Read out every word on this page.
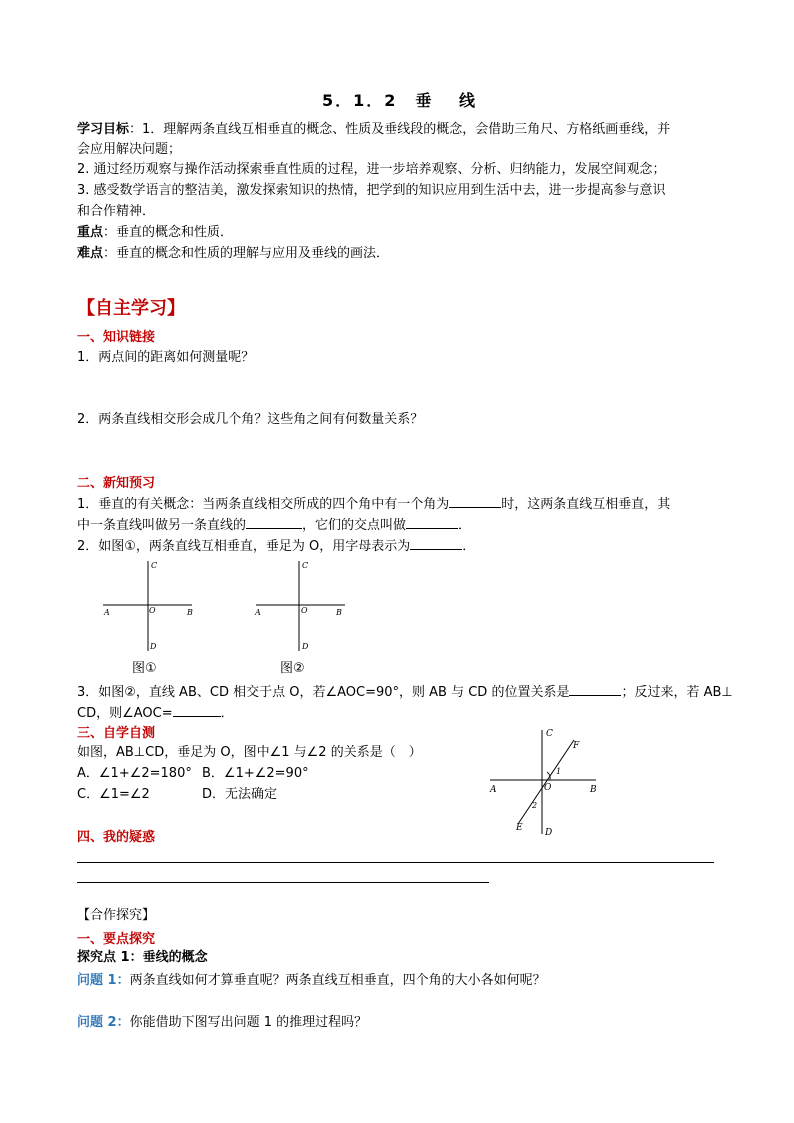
5．1．2　垂　 线
学习目标：1．理解两条直线互相垂直的概念、性质及垂线段的概念，会借助三角尺、方格纸画垂线，并
会应用解决问题；
2. 通过经历观察与操作活动探索垂直性质的过程，进一步培养观察、分析、归纳能力，发展空间观念；
3. 感受数学语言的整洁美，激发探索知识的热情，把学到的知识应用到生活中去，进一步提高参与意识
和合作精神．
重点：垂直的概念和性质．
难点：垂直的概念和性质的理解与应用及垂线的画法．
【自主学习】
一、知识链接
1．两点间的距离如何测量呢？
2．两条直线相交形会成几个角？这些角之间有何数量关系？
二、新知预习
1．垂直的有关概念：当两条直线相交所成的四个角中有一个角为	时，这两条直线互相垂直，其
中一条直线叫做另一条直线的	，它们的交点叫做	．
2．如图①，两条直线互相垂直，垂足为 O，用字母表示为	．
C
A	O	B
D
C
A	O	B
D
图①	图②
3．如图②，直线 AB、CD 相交于点 O，若∠AOC=90°，则 AB 与 CD 的位置关系是	；反过来，若 AB⊥
CD，则∠AOC=	．
三、自学自测
如图，AB⊥CD，垂足为 O，图中∠1 与∠2 的关系是（　）
A．∠1+∠2=180° B．∠1+∠2=90°
C．∠1=∠2	D．无法确定
C
F
1
A	O	B
2
E D
四、我的疑惑
【合作探究】
一、要点探究
探究点 1：垂线的概念
问题 1：两条直线如何才算垂直呢？两条直线互相垂直，四个角的大小各如何呢？
问题 2：你能借助下图写出问题 1 的推理过程吗？
